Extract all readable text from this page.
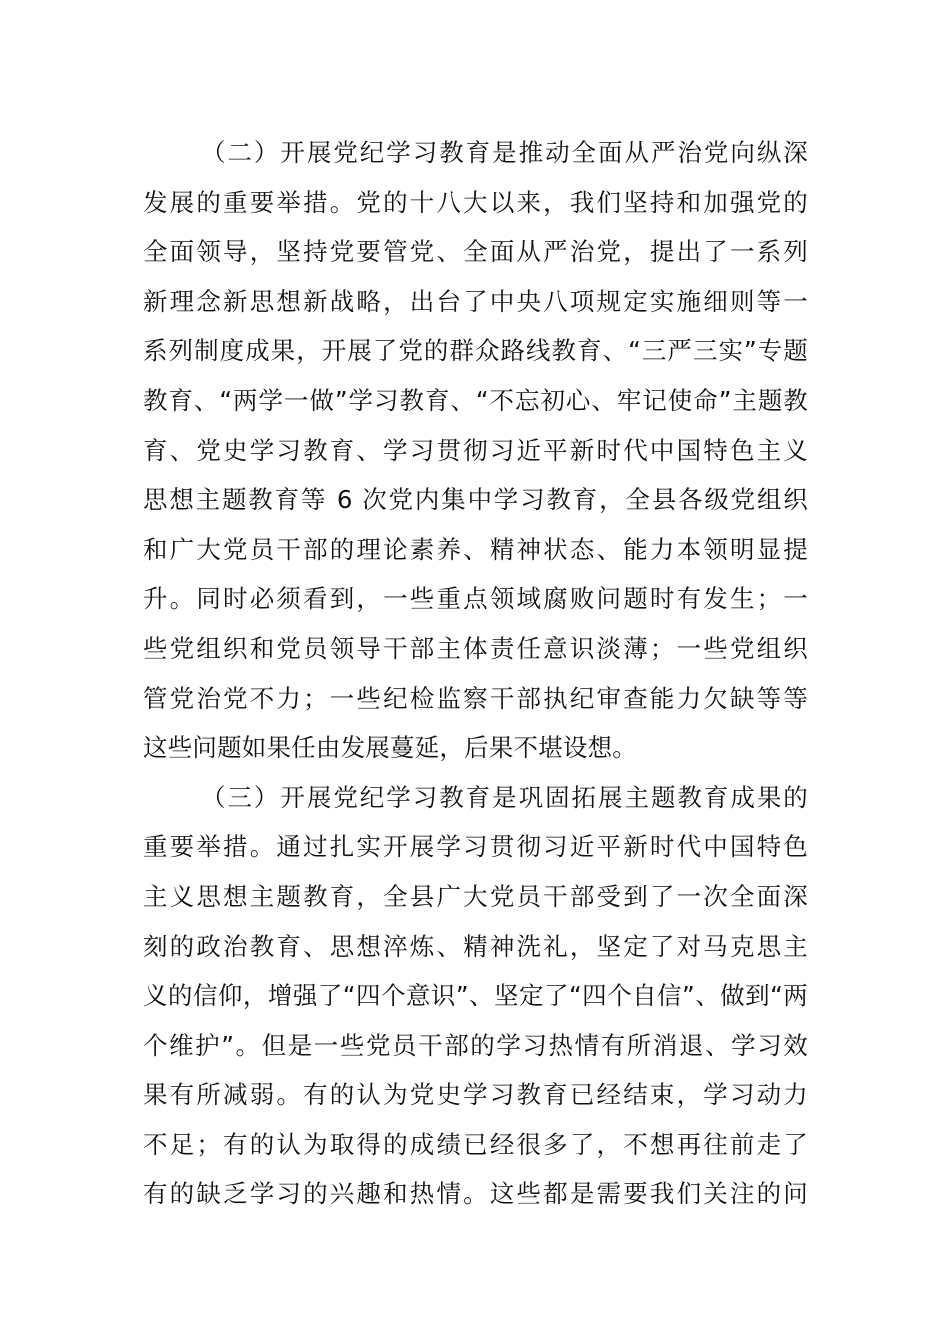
（二）开展党纪学习教育是推动全面从严治党向纵深
发展的重要举措。党的十八大以来，我们坚持和加强党的
全面领导，坚持党要管党、全面从严治党，提出了一系列
新理念新思想新战略，出台了中央八项规定实施细则等一
系列制度成果，开展了党的群众路线教育、“三严三实”专题
教育、“两学一做”学习教育、“不忘初心、牢记使命”主题教
育、党史学习教育、学习贯彻习近平新时代中国特色主义
思想主题教育等 6 次党内集中学习教育，全县各级党组织
和广大党员干部的理论素养、精神状态、能力本领明显提
升。同时必须看到，一些重点领域腐败问题时有发生；一
些党组织和党员领导干部主体责任意识淡薄；一些党组织
管党治党不力；一些纪检监察干部执纪审查能力欠缺等等
这些问题如果任由发展蔓延，后果不堪设想。
（三）开展党纪学习教育是巩固拓展主题教育成果的
重要举措。通过扎实开展学习贯彻习近平新时代中国特色
主义思想主题教育，全县广大党员干部受到了一次全面深
刻的政治教育、思想淬炼、精神洗礼，坚定了对马克思主
义的信仰，增强了“四个意识”、坚定了“四个自信”、做到“两
个维护”。但是一些党员干部的学习热情有所消退、学习效
果有所减弱。有的认为党史学习教育已经结束，学习动力
不足；有的认为取得的成绩已经很多了，不想再往前走了
有的缺乏学习的兴趣和热情。这些都是需要我们关注的问
